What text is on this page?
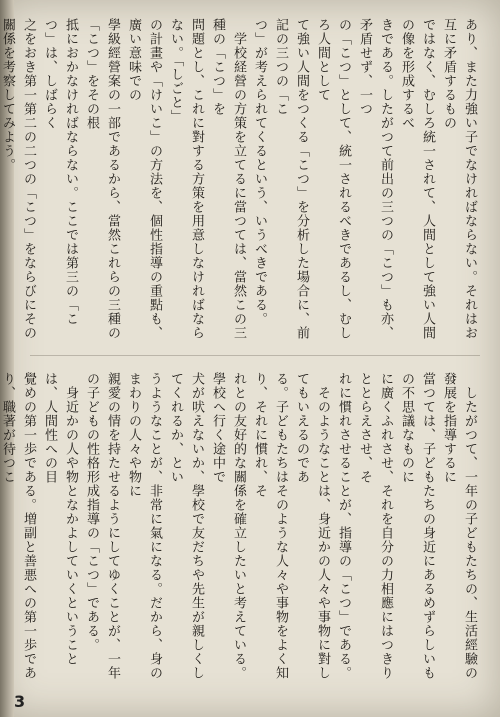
あり、また力強い子でなければならない。それはお互に矛盾するもの
ではなく、むしろ統一されて、人間として強い人間の像を形成するべ
きである。したがつて前出の三つの「こつ」も亦、矛盾せず、一つ
の「こつ」として、統一されるべきであるし、むしろ人間として
て強い人間をつくる「こつ」を分析した場合に、前記の三つの「こ
つ」が考えられてくるという、いうべきである。
　学校経營の方策を立てるに當つては、當然この三種の「こつ」を
問題とし、これに對する方策を用意しなければならない。「しごと」
の計畫や「けいこ」の方法を、個性指導の重點も、廣い意味での
學級經營案の一部であるから、當然これらの三種の「こつ」をその根
抵におかなければならない。ここでは第三の「こつ」は、しばらく
之をおき第一第二の二つの「こつ」をならびにその關係を考察してみよう。
　したがつて、一年の子どもたちの、生活經驗の發展を指導するに
當つては、子どもたちの身近にあるめずらしいもの不思議なものに
に廣くふれさせ、それを自分の力相應にはつきりととらえさせ、そ
れに慣れさせることが、指導の「こつ」である。
　そのようなことは、身近かの人々や事物に對してもいえるのであ
る。子どもたちはそのような人々や事物をよく知り、それに慣れ、そ
れとの友好的な關係を確立したいと考えている。學校へ行く途中で
犬が吠えないか、學校で友だちや先生が親しくしてくれるか、とい
うようなことが、非常に氣になる。だから、身のまわりの人々や物に
親愛の情を持たせるようにしてゆくことが、一年
の子どもの性格形成指導の「こつ」である。
　身近かの人や物となかよしていくということは、人間性への目
覺めの第一歩である。増副と善悪への第一歩であり、職著が待つこ
3
